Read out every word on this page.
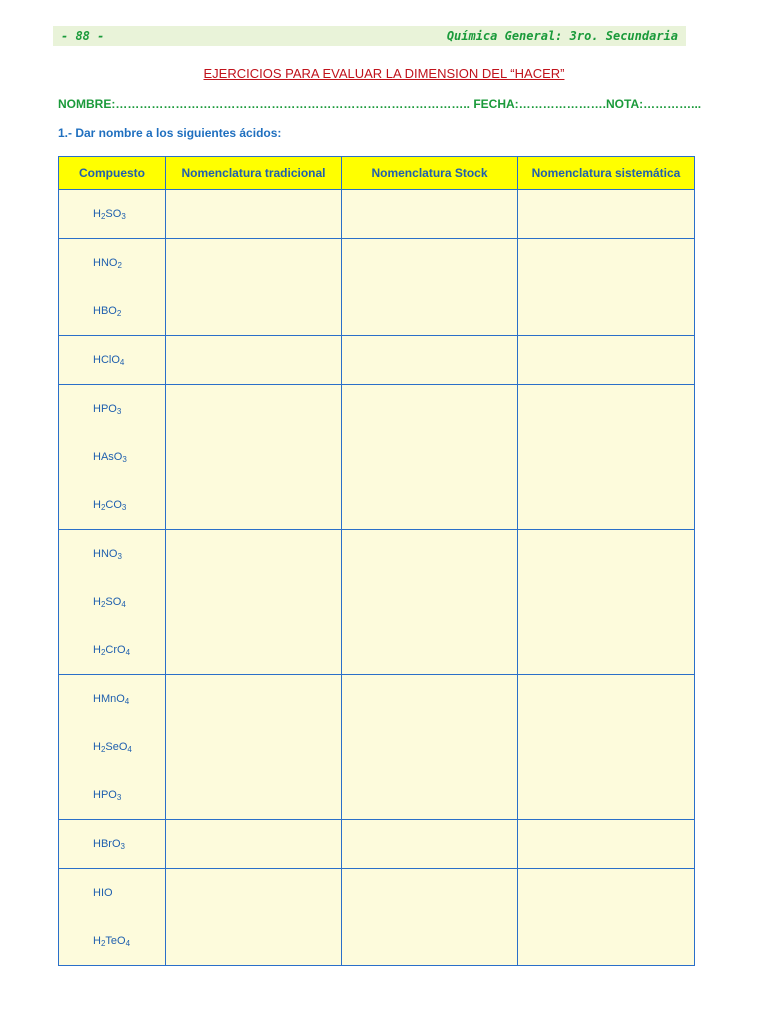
- 88 -	Química General: 3ro. Secundaria
EJERCICIOS PARA EVALUAR LA DIMENSION DEL “HACER”
NOMBRE:…………………………………………………………………………….. FECHA:………………….NOTA:…………...
1.- Dar nombre a los siguientes ácidos:
Compuesto	Nomenclatura tradicional	Nomenclatura Stock	Nomenclatura sistemática

$H_2SO_3$

$HNO_2$
$HBO_2$

HClO$_4$

$HPO_3$
HAsO$_3$
$H_2CO_3$

$HNO_3$
$H_2SO_4$
$H_2CrO_4$

HMnO$_4$
$H_2SeO_4$
$HPO_3$

HBrO$_3$

HIO
$H_2TeO_4$
